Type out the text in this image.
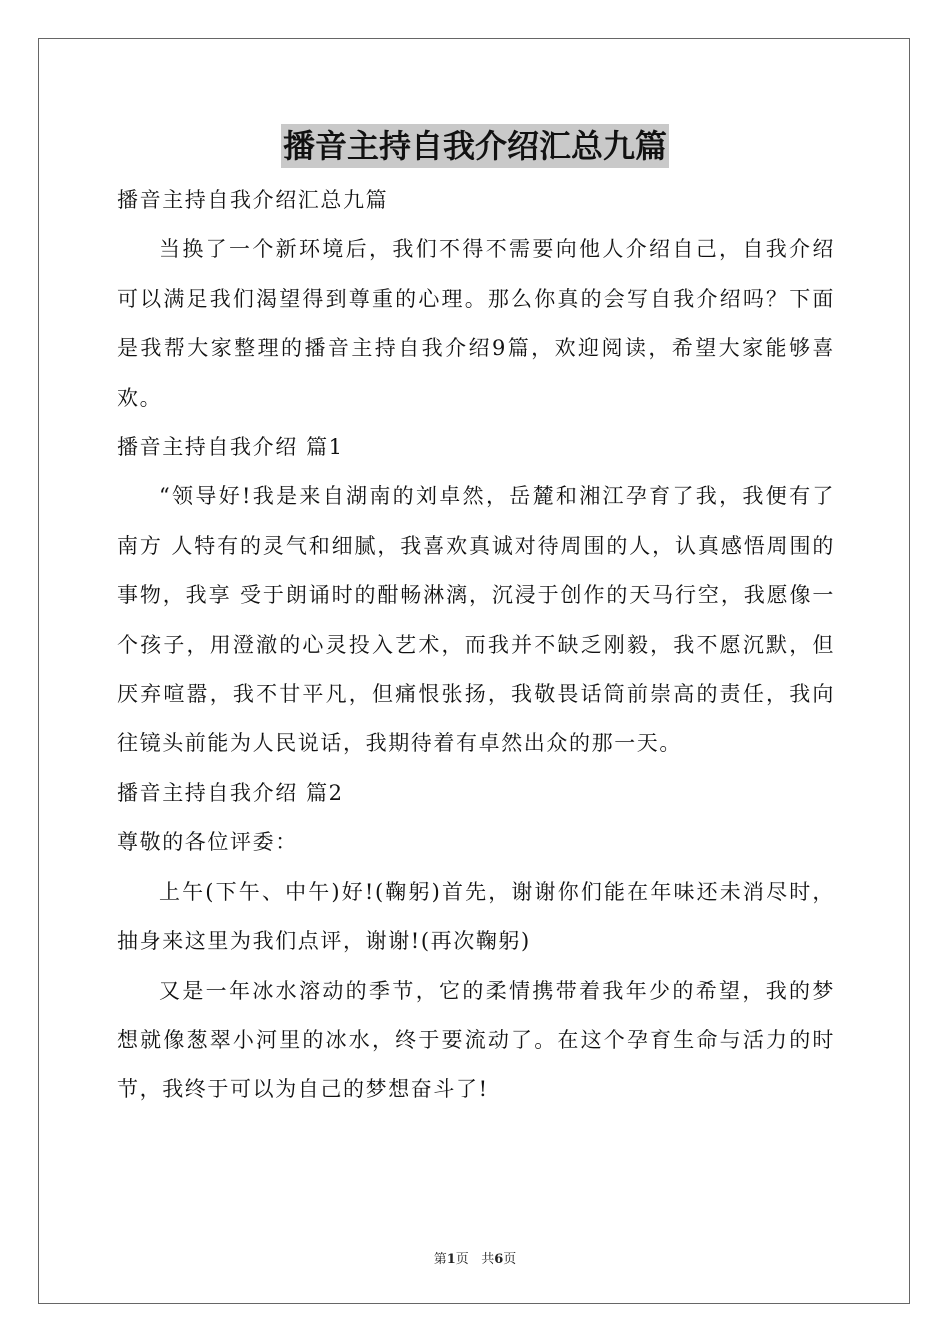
播音主持自我介绍汇总九篇

播音主持自我介绍汇总九篇

当换了一个新环境后，我们不得不需要向他人介绍自己，自我介绍可以满足我们渴望得到尊重的心理。那么你真的会写自我介绍吗？下面是我帮大家整理的播音主持自我介绍9篇，欢迎阅读，希望大家能够喜欢。

播音主持自我介绍 篇1

“领导好!我是来自湖南的刘卓然，岳麓和湘江孕育了我，我便有了南方 人特有的灵气和细腻，我喜欢真诚对待周围的人，认真感悟周围的事物，我享 受于朗诵时的酣畅淋漓，沉浸于创作的天马行空，我愿像一个孩子，用澄澈的心灵投入艺术，而我并不缺乏刚毅，我不愿沉默，但厌弃喧嚣，我不甘平凡，但痛恨张扬，我敬畏话筒前崇高的责任，我向往镜头前能为人民说话，我期待着有卓然出众的那一天。

播音主持自我介绍 篇2

尊敬的各位评委：

上午(下午、中午)好!(鞠躬)首先，谢谢你们能在年味还未消尽时，抽身来这里为我们点评，谢谢!(再次鞠躬)

又是一年冰水溶动的季节，它的柔情携带着我年少的希望，我的梦想就像葱翠小河里的冰水，终于要流动了。在这个孕育生命与活力的时节，我终于可以为自己的梦想奋斗了!

第1页 共6页
